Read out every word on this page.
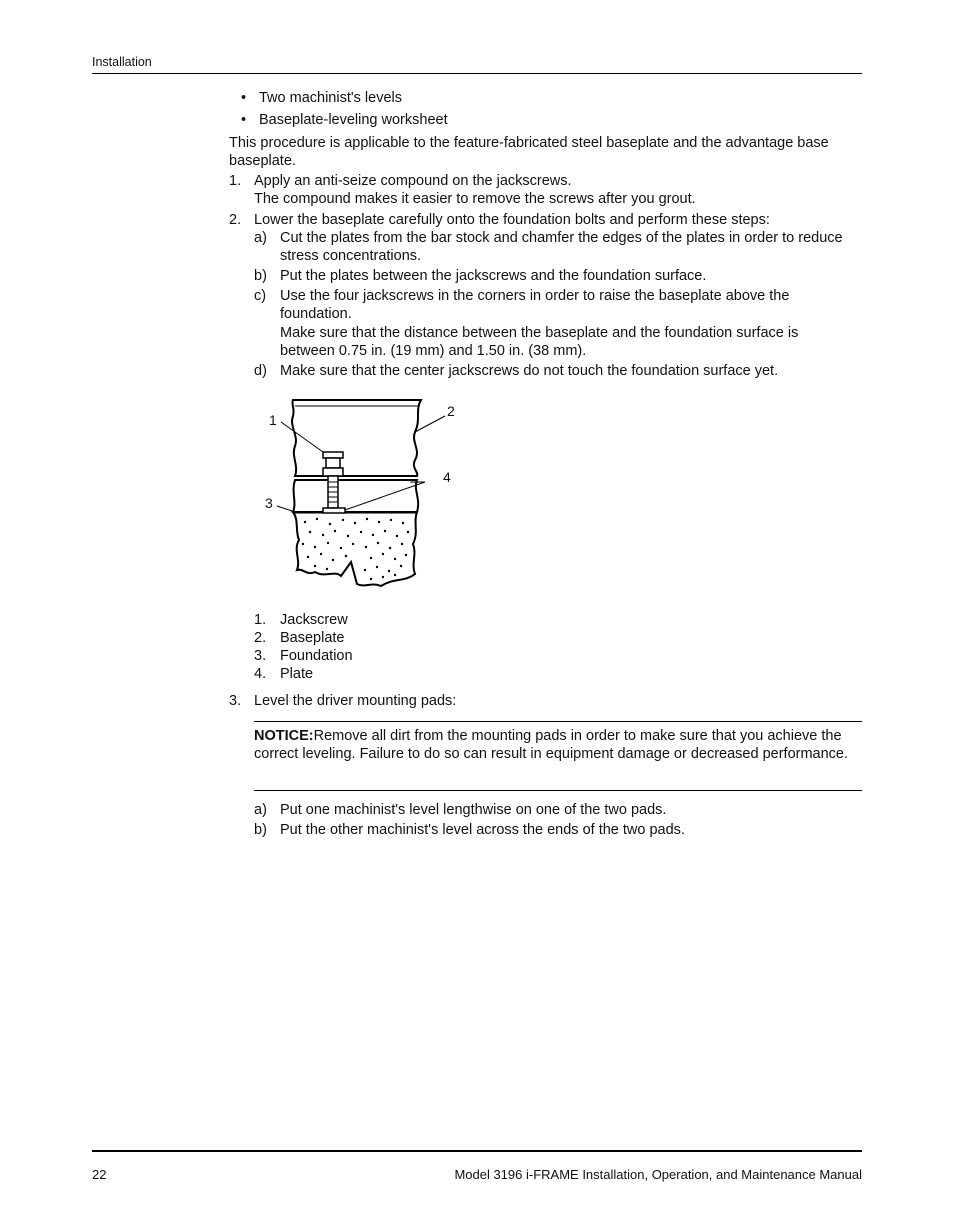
Installation
• Two machinist's levels
• Baseplate-leveling worksheet
This procedure is applicable to the feature-fabricated steel baseplate and the advantage base baseplate.
1. Apply an anti-seize compound on the jackscrews.
The compound makes it easier to remove the screws after you grout.
2. Lower the baseplate carefully onto the foundation bolts and perform these steps:
a) Cut the plates from the bar stock and chamfer the edges of the plates in order to reduce stress concentrations.
b) Put the plates between the jackscrews and the foundation surface.
c) Use the four jackscrews in the corners in order to raise the baseplate above the foundation.
Make sure that the distance between the baseplate and the foundation surface is between 0.75 in. (19 mm) and 1.50 in. (38 mm).
d) Make sure that the center jackscrews do not touch the foundation surface yet.
1
2
3
4
1. Jackscrew
2. Baseplate
3. Foundation
4. Plate
3. Level the driver mounting pads:
NOTICE:Remove all dirt from the mounting pads in order to make sure that you achieve the correct leveling. Failure to do so can result in equipment damage or decreased performance.
a) Put one machinist's level lengthwise on one of the two pads.
b) Put the other machinist's level across the ends of the two pads.
22	Model 3196 i-FRAME Installation, Operation, and Maintenance Manual
